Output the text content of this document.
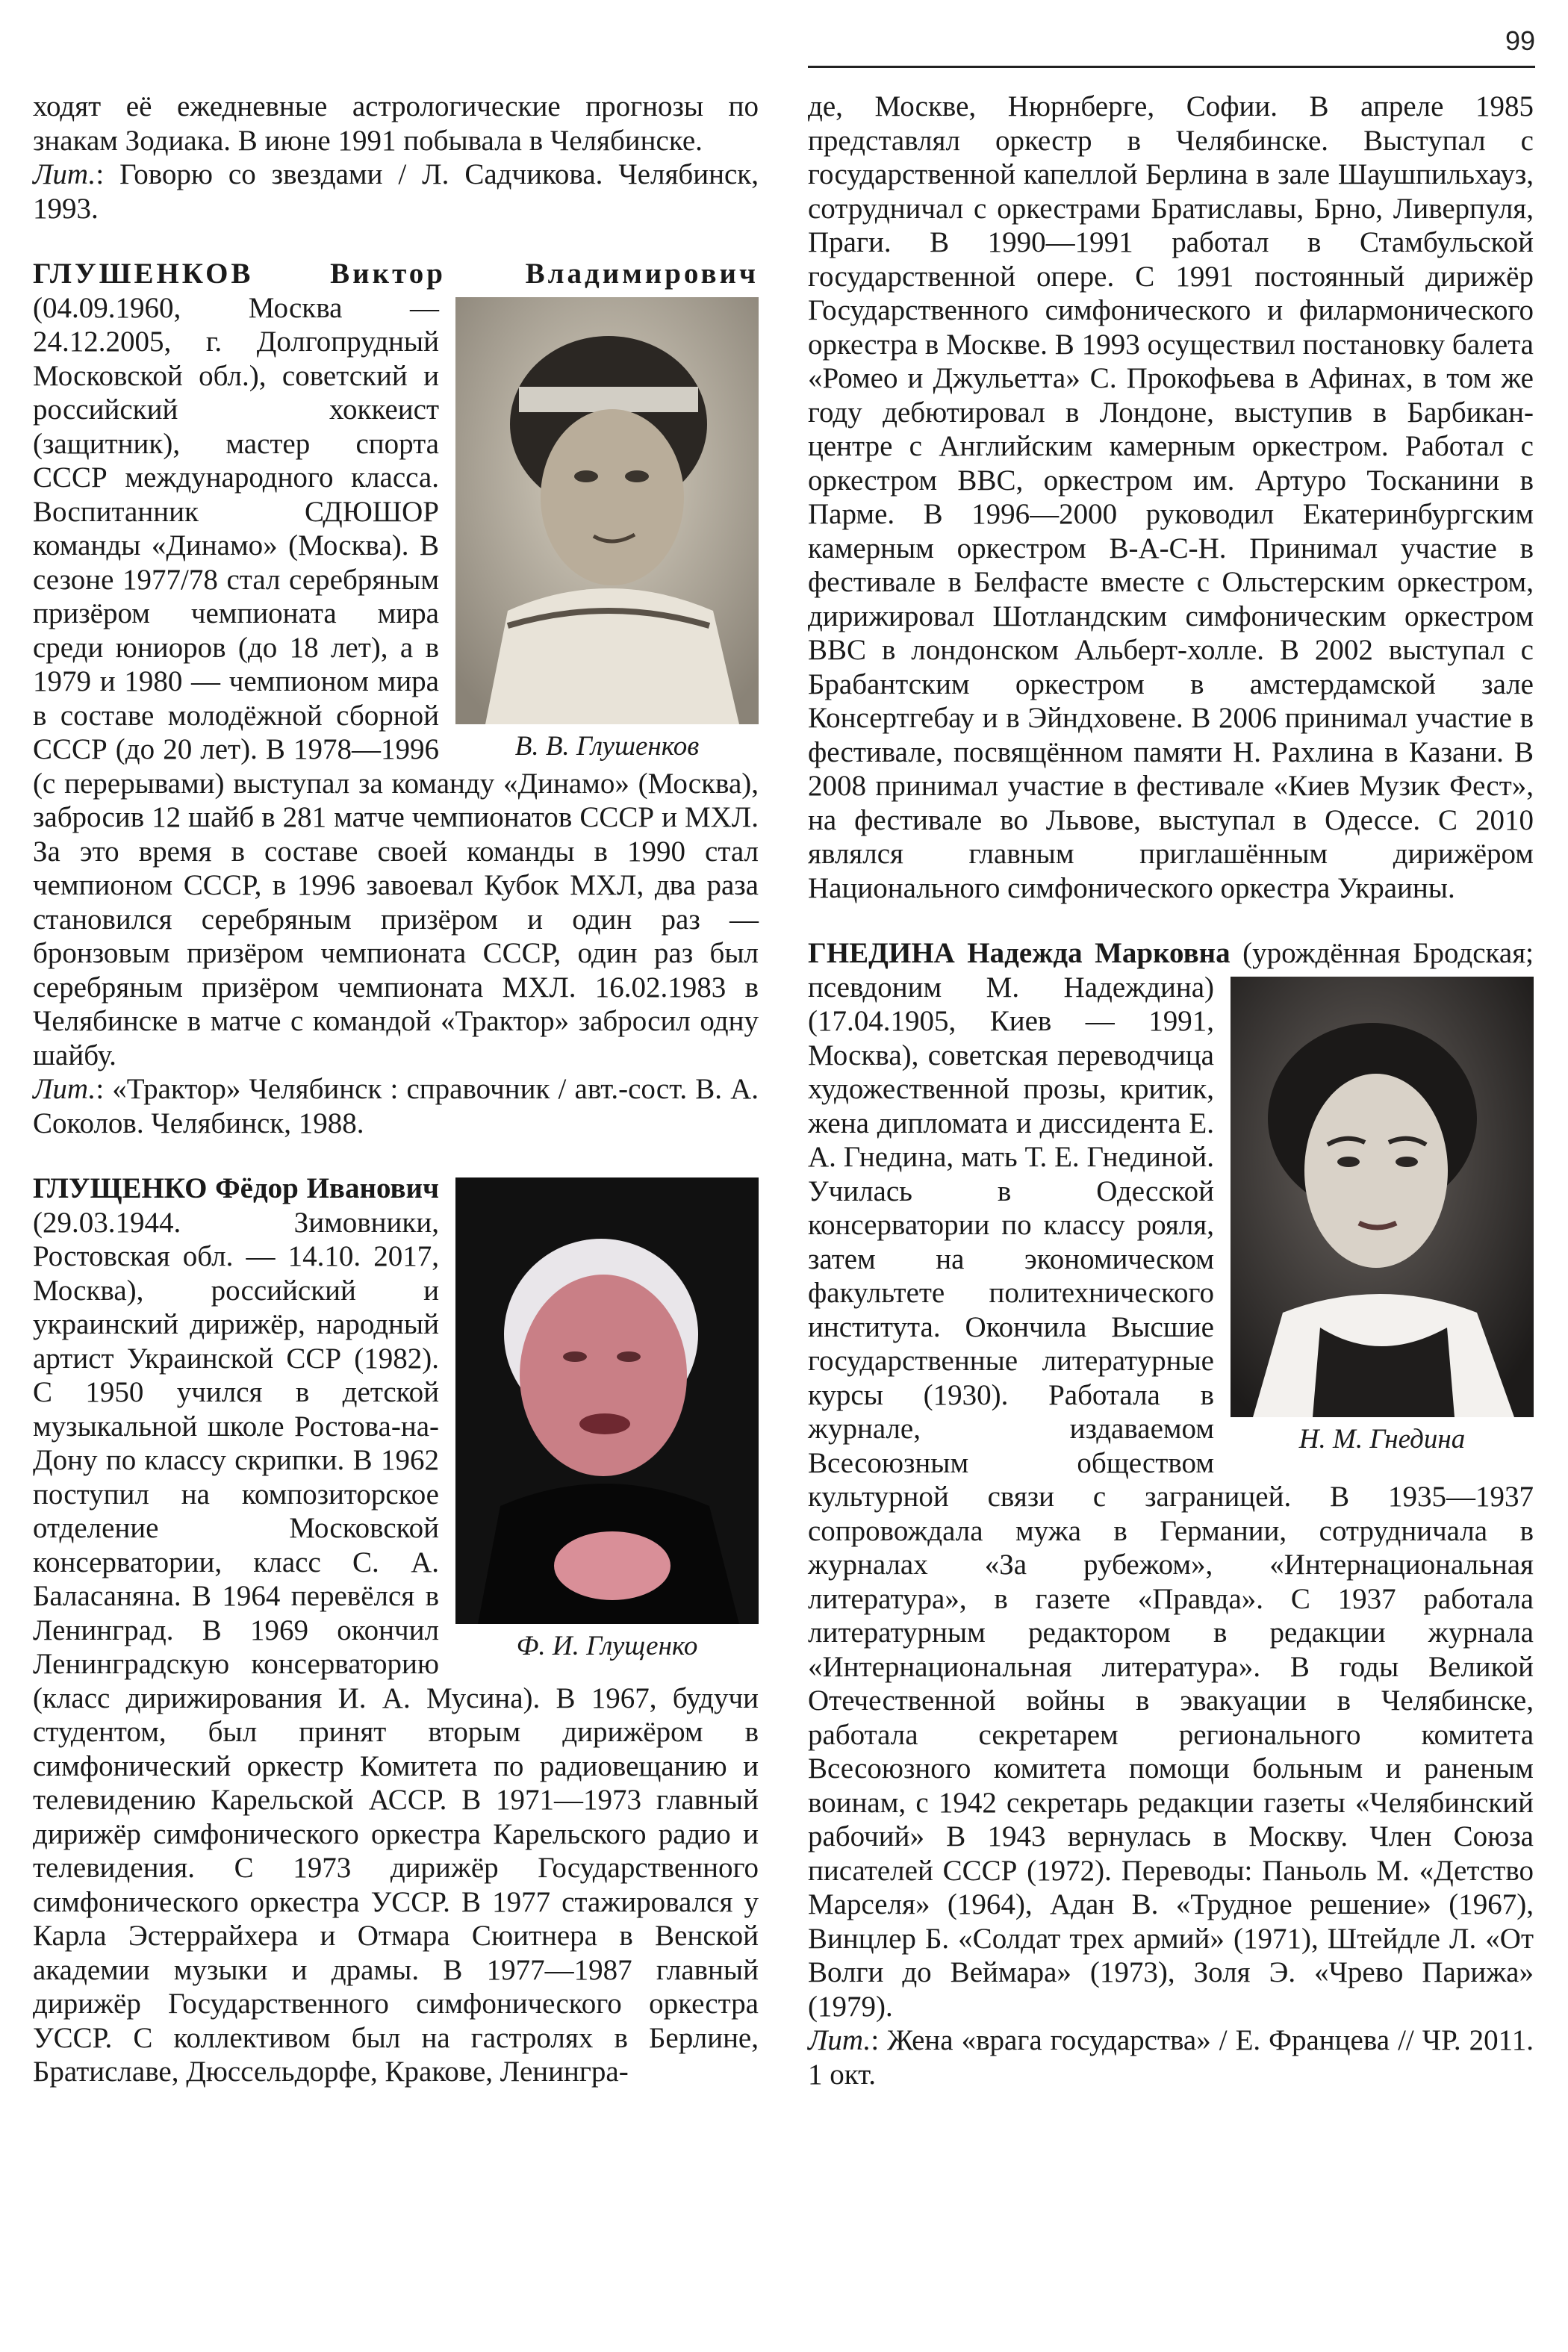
99

ходят её ежедневные астрологические прогнозы по знакам Зодиака. В июне 1991 побывала в Челябинске.

Лит.: Говорю со звездами / Л. Садчикова. Челябинск, 1993.

ГЛУШЕНКОВ	Виктор Владимирович
В. В. Глушенков
(04.09.1960, Москва — 24.12.2005, г. Долгопрудный Московской обл.), советский и российский хоккеист (защитник), мастер спорта СССР международного класса. Воспитанник СДЮШОР команды «Динамо» (Москва). В сезоне 1977/78 стал серебряным призёром чемпионата мира среди юниоров (до 18 лет), а в 1979 и 1980 — чемпионом мира в составе молодёжной сборной СССР (до 20 лет). В 1978—1996 (с перерывами) выступал за команду «Динамо» (Москва), забросив 12 шайб в 281 матче чемпионатов СССР и МХЛ. За это время в составе своей команды в 1990 стал чемпионом СССР, в 1996 завоевал Кубок МХЛ, два раза становился серебряным призёром и один раз — бронзовым призёром чемпионата СССР, один раз был серебряным призёром чемпионата МХЛ. 16.02.1983 в Челябинске в матче с командой «Трактор» забросил одну шайбу.

Лит.: «Трактор» Челябинск : справочник / авт.-сост. В. А. Соколов. Челябинск, 1988.

ГЛУЩЕНКО Фёдор Иванович
Ф. И. Глущенко
(29.03.1944. Зимовники, Ростовская обл. — 14.10. 2017, Москва), российский и украинский дирижёр, народный артист Украинской ССР (1982). С 1950 учился в детской музыкальной школе Ростова-на-Дону по классу скрипки. В 1962 поступил на композиторское отделение Московской консерватории, класс С. А. Баласаняна. В 1964 перевёлся в Ленинград. В 1969 окончил Ленинградскую консерваторию (класс дирижирования И. А. Мусина). В 1967, будучи студентом, был принят вторым дирижёром в симфонический оркестр Комитета по радиовещанию и телевидению Карельской АССР. В 1971—1973 главный дирижёр симфонического оркестра Карельского радио и телевидения. С 1973 дирижёр Государственного симфонического оркестра УССР. В 1977 стажировался у Карла Эстеррайхера и Отмара Сюитнера в Венской академии музыки и драмы. В 1977—1987 главный дирижёр Государственного симфонического оркестра УССР. С коллективом был на гастролях в Берлине, Братиславе, Дюссельдорфе, Кракове, Ленингра-

де, Москве, Нюрнберге, Софии. В апреле 1985 представлял оркестр в Челябинске. Выступал с государственной капеллой Берлина в зале Шаушпильхауз, сотрудничал с оркестрами Братиславы, Брно, Ливерпуля, Праги. В 1990—1991 работал в Стамбульской государственной опере. С 1991 постоянный дирижёр Государственного симфонического и филармонического оркестра в Москве. В 1993 осуществил постановку балета «Ромео и Джульетта» С. Прокофьева в Афинах, в том же году дебютировал в Лондоне, выступив в Барбикан-центре с Английским камерным оркестром. Работал с оркестром ВВС, оркестром им. Артуро Тосканини в Парме. В 1996—2000 руководил Екатеринбургским камерным оркестром В-А-С-Н. Принимал участие в фестивале в Белфасте вместе с Ольстерским оркестром, дирижировал Шотландским симфоническим оркестром ВВС в лондонском Альберт-холле. В 2002 выступал с Брабантским оркестром в амстердамской зале Консертгебау и в Эйндховене. В 2006 принимал участие в фестивале, посвящённом памяти Н. Рахлина в Казани. В 2008 принимал участие в фестивале «Киев Музик Фест», на фестивале во Львове, выступал в Одессе. С 2010 являлся главным приглашённым дирижёром Национального симфонического оркестра Украины.

ГНЕДИНА Надежда Марковна
Н. М. Гнедина
(урождённая Бродская; псевдоним М. Надеждина) (17.04.1905, Киев — 1991, Москва), советская переводчица художественной прозы, критик, жена дипломата и диссидента Е. А. Гнедина, мать Т. Е. Гнединой. Училась в Одесской консерватории по классу рояля, затем на экономическом факультете политехнического института. Окончила Высшие государственные литературные курсы (1930). Работала в журнале, издаваемом Всесоюзным обществом культурной связи с заграницей. В 1935—1937 сопровождала мужа в Германии, сотрудничала в журналах «За рубежом», «Интернациональная литература», в газете «Правда». С 1937 работала литературным редактором в редакции журнала «Интернациональная литература». В годы Великой Отечественной войны в эвакуации в Челябинске, работала секретарем регионального комитета Всесоюзного комитета помощи больным и раненым воинам, с 1942 секретарь редакции газеты «Челябинский рабочий» В 1943 вернулась в Москву. Член Союза писателей СССР (1972). Переводы: Паньоль М. «Детство Марселя» (1964), Адан В. «Трудное решение» (1967), Винцлер Б. «Солдат трех армий» (1971), Штейдле Л. «От Волги до Веймара» (1973), Золя Э. «Чрево Парижа» (1979).

Лит.: Жена «врага государства» / Е. Францева // ЧР. 2011. 1 окт.
